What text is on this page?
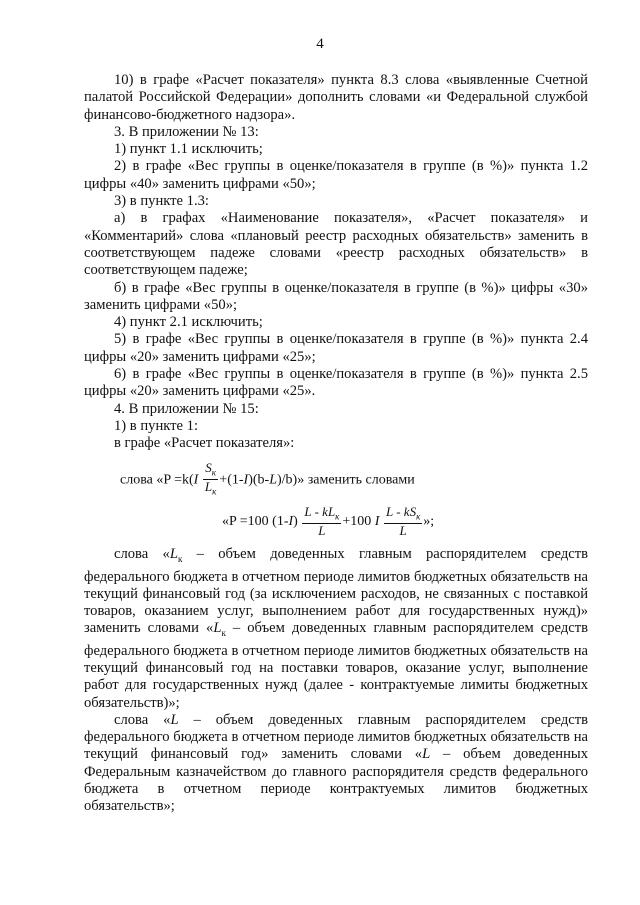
4

10) в графе «Расчет показателя» пункта 8.3 слова «выявленные Счетной палатой Российской Федерации» дополнить словами «и Федеральной службой финансово-бюджетного надзора».

3. В приложении № 13:

1) пункт 1.1 исключить;

2) в графе «Вес группы в оценке/показателя в группе (в %)» пункта 1.2 цифры «40» заменить цифрами «50»;

3) в пункте 1.3:

а) в графах «Наименование показателя», «Расчет показателя» и «Комментарий» слова «плановый реестр расходных обязательств» заменить в соответствующем падеже словами «реестр расходных обязательств» в соответствующем падеже;

б) в графе «Вес группы в оценке/показателя в группе (в %)» цифры «30» заменить цифрами «50»;

4) пункт 2.1 исключить;

5) в графе «Вес группы в оценке/показателя в группе (в %)» пункта 2.4 цифры «20» заменить цифрами «25»;

6) в графе «Вес группы в оценке/показателя в группе (в %)» пункта 2.5 цифры «20» заменить цифрами «25».

4. В приложении № 15:

1) в пункте 1:

в графе «Расчет показателя»:

слова «$P =k(I \frac{S_к}{L_к} +(1-I)(b-L)/b)$» заменить словами
«P =100 $(1-I) \frac{L - kL_к}{L} +100$ I $\frac{L - kS_к}{L}$ »;

слова «$L_к$ – объем доведенных главным распорядителем средств федерального бюджета в отчетном периоде лимитов бюджетных обязательств на текущий финансовый год (за исключением расходов, не связанных с поставкой товаров, оказанием услуг, выполнением работ для государственных нужд)» заменить словами «$L_к$ – объем доведенных главным распорядителем средств федерального бюджета в отчетном периоде лимитов бюджетных обязательств на текущий финансовый год на поставки товаров, оказание услуг, выполнение работ для государственных нужд (далее - контрактуемые лимиты бюджетных обязательств)»;

слова «L – объем доведенных главным распорядителем средств федерального бюджета в отчетном периоде лимитов бюджетных обязательств на текущий финансовый год» заменить словами «L – объем доведенных Федеральным казначейством до главного распорядителя средств федерального бюджета в отчетном периоде контрактуемых лимитов бюджетных обязательств»;
